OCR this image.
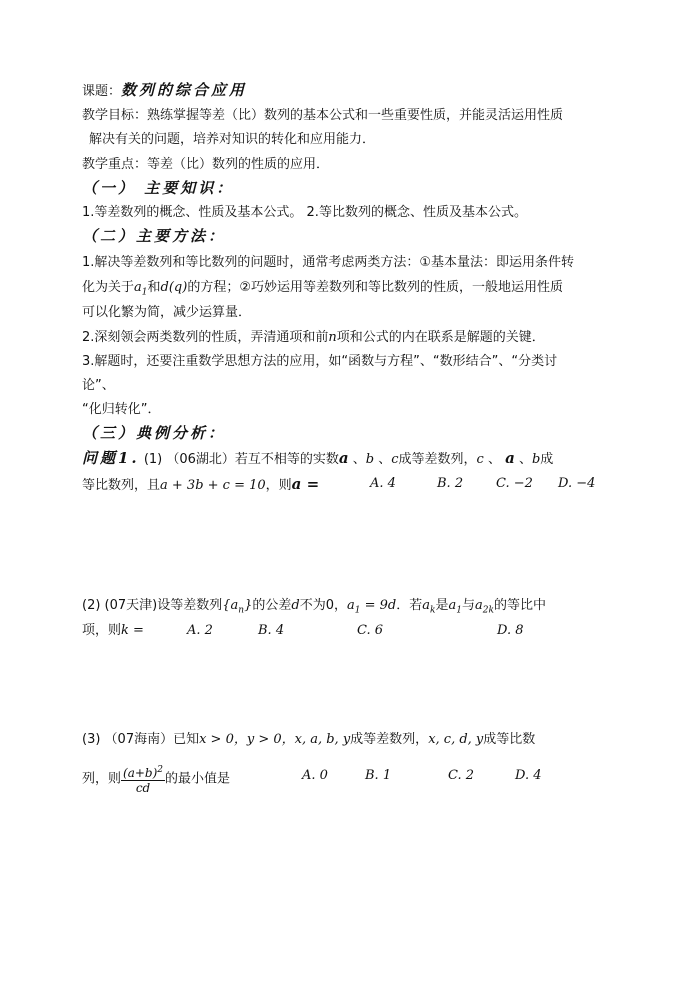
课题：数列的综合应用
教学目标：熟练掌握等差（比）数列的基本公式和一些重要性质，并能灵活运用性质
解决有关的问题，培养对知识的转化和应用能力．
教学重点：等差（比）数列的性质的应用．
（一） 主要知识：
1.等差数列的概念、性质及基本公式。 2.等比数列的概念、性质及基本公式。
（二）主要方法：
1.解决等差数列和等比数列的问题时，通常考虑两类方法：①基本量法：即运用条件转
化为关于$a_1$和d(q)的方程；②巧妙运用等差数列和等比数列的性质，一般地运用性质
可以化繁为简，减少运算量．
2.深刻领会两类数列的性质，弄清通项和前n项和公式的内在联系是解题的关键．
3.解题时，还要注重数学思想方法的应用，如“函数与方程”、“数形结合”、“分类讨
论”、
“化归转化”．
（三）典例分析：
问题1. (1) （06湖北）若互不相等的实数a 、b 、c成等差数列，c 、 a 、b成
等比数列，且a + 3b + c = 10，则a =	A. 4	B. 2	C. −2 D. −4
(2) (07天津)设等差数列$\{a_n\}$的公差d不为0，$a_1 = 9d$．若$a_k$是$a_1$与$a_{2k}$的等比中
项，则k =	A. 2	B. 4	C. 6	D. 8
(3) （07海南）已知x > 0，y > 0，x, a, b, y成等差数列，x, c, d, y成等比数
列，则 $\frac{(a+b)^2}{cd}$ 的最小值是	A. 0	B. 1	C. 2	D. 4
